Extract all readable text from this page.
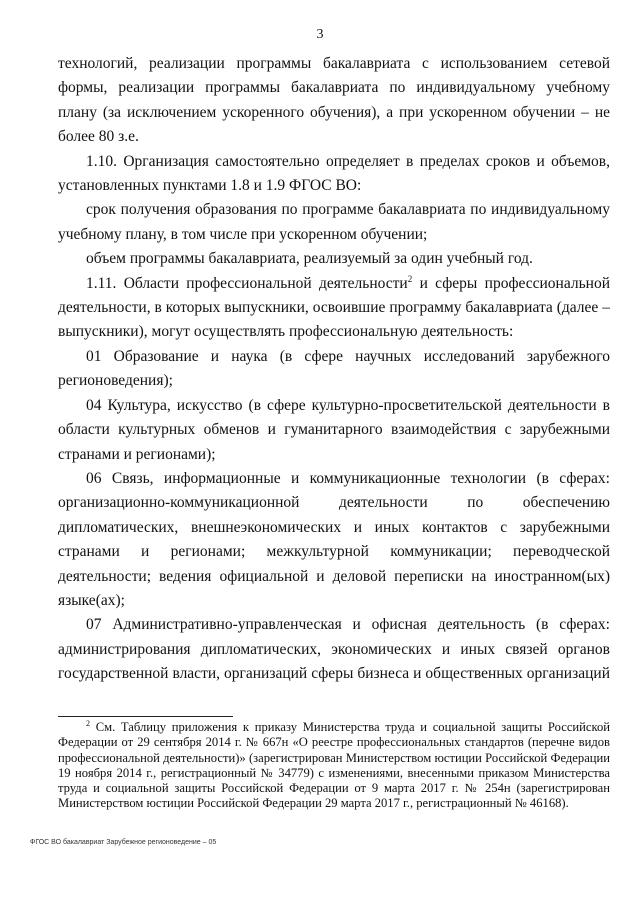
3

технологий, реализации программы бакалавриата с использованием сетевой формы, реализации программы бакалавриата по индивидуальному учебному плану (за исключением ускоренного обучения), а при ускоренном обучении – не более 80 з.е.

1.10. Организация самостоятельно определяет в пределах сроков и объемов, установленных пунктами 1.8 и 1.9 ФГОС ВО:

срок получения образования по программе бакалавриата по индивидуальному учебному плану, в том числе при ускоренном обучении;

объем программы бакалавриата, реализуемый за один учебный год.

1.11. Области профессиональной деятельности$^2$ и сферы профессиональной деятельности, в которых выпускники, освоившие программу бакалавриата (далее – выпускники), могут осуществлять профессиональную деятельность:

01 Образование и наука (в сфере научных исследований зарубежного регионоведения);

04 Культура, искусство (в сфере культурно-просветительской деятельности в области культурных обменов и гуманитарного взаимодействия с зарубежными странами и регионами);

06 Связь, информационные и коммуникационные технологии (в сферах: организационно-коммуникационной деятельности по обеспечению дипломатических, внешнеэкономических и иных контактов с зарубежными странами и регионами; межкультурной коммуникации; переводческой деятельности; ведения официальной и деловой переписки на иностранном(ых) языке(ах);

07 Административно-управленческая и офисная деятельность (в сферах: администрирования дипломатических, экономических и иных связей органов государственной власти, организаций сферы бизнеса и общественных организаций

$^2$ См. Таблицу приложения к приказу Министерства труда и социальной защиты Российской Федерации от 29 сентября 2014 г. № 667н «О реестре профессиональных стандартов (перечне видов профессиональной деятельности)» (зарегистрирован Министерством юстиции Российской Федерации 19 ноября 2014 г., регистрационный № 34779) с изменениями, внесенными приказом Министерства труда и социальной защиты Российской Федерации от 9 марта 2017 г. № 254н (зарегистрирован Министерством юстиции Российской Федерации 29 марта 2017 г., регистрационный № 46168).

ФГОС ВО бакалавриат Зарубежное регионоведение – 05
